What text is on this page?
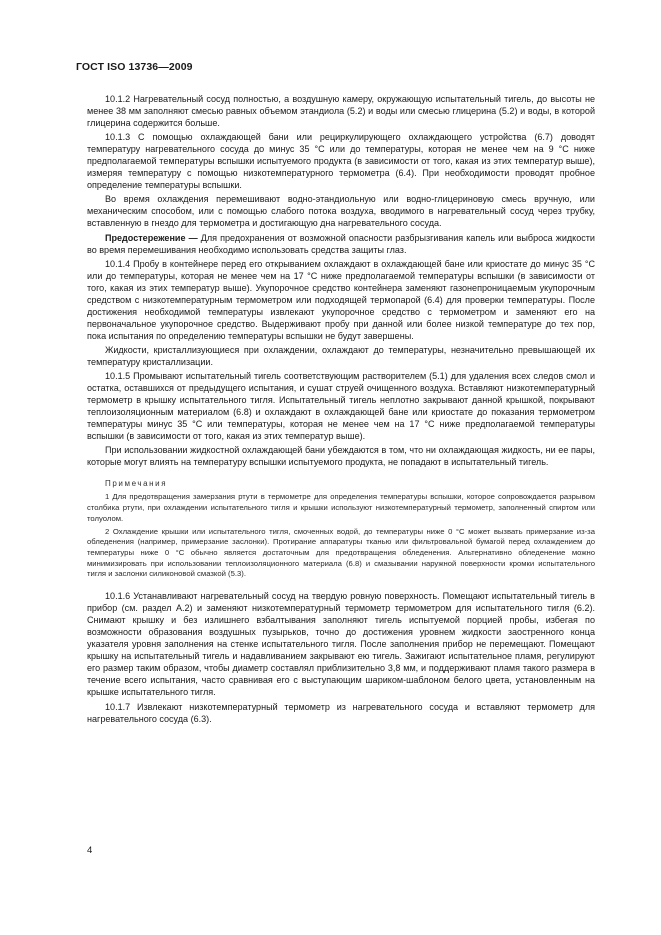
ГОСТ ISO 13736—2009

10.1.2 Нагревательный сосуд полностью, а воздушную камеру, окружающую испытательный тигель, до высоты не менее 38 мм заполняют смесью равных объемом этандиола (5.2) и воды или смесью глицерина (5.2) и воды, в которой глицерина содержится больше.

10.1.3 С помощью охлаждающей бани или рециркулирующего охлаждающего устройства (6.7) доводят температуру нагревательного сосуда до минус 35 °С или до температуры, которая не менее чем на 9 °С ниже предполагаемой температуры вспышки испытуемого продукта (в зависимости от того, какая из этих температур выше), измеряя температуру с помощью низкотемпературного термометра (6.4). При необходимости проводят пробное определение температуры вспышки.

Во время охлаждения перемешивают водно-этандиольную или водно-глицериновую смесь вручную, или механическим способом, или с помощью слабого потока воздуха, вводимого в нагревательный сосуд через трубку, вставленную в гнездо для термометра и достигающую дна нагревательного сосуда.

Предостережение — Для предохранения от возможной опасности разбрызгивания капель или выброса жидкости во время перемешивания необходимо использовать средства защиты глаз.

10.1.4 Пробу в контейнере перед его открыванием охлаждают в охлаждающей бане или криостате до минус 35 °С или до температуры, которая не менее чем на 17 °С ниже предполагаемой температуры вспышки (в зависимости от того, какая из этих температур выше). Укупорочное средство контейнера заменяют газонепроницаемым укупорочным средством с низкотемпературным термометром или подходящей термопарой (6.4) для проверки температуры. После достижения необходимой температуры извлекают укупорочное средство с термометром и заменяют его на первоначальное укупорочное средство. Выдерживают пробу при данной или более низкой температуре до тех пор, пока испытания по определению температуры вспышки не будут завершены.

Жидкости, кристаллизующиеся при охлаждении, охлаждают до температуры, незначительно превышающей их температуру кристаллизации.

10.1.5 Промывают испытательный тигель соответствующим растворителем (5.1) для удаления всех следов смол и остатка, оставшихся от предыдущего испытания, и сушат струей очищенного воздуха. Вставляют низкотемпературный термометр в крышку испытательного тигля. Испытательный тигель неплотно закрывают данной крышкой, покрывают теплоизоляционным материалом (6.8) и охлаждают в охлаждающей бане или криостате до показания термометром температуры минус 35 °С или температуры, которая не менее чем на 17 °С ниже предполагаемой температуры вспышки (в зависимости от того, какая из этих температур выше).

При использовании жидкостной охлаждающей бани убеждаются в том, что ни охлаждающая жидкость, ни ее пары, которые могут влиять на температуру вспышки испытуемого продукта, не попадают в испытательный тигель.

Примечания

1 Для предотвращения замерзания ртути в термометре для определения температуры вспышки, которое сопровождается разрывом столбика ртути, при охлаждении испытательного тигля и крышки используют низкотемпературный термометр, заполненный спиртом или толуолом.

2 Охлаждение крышки или испытательного тигля, смоченных водой, до температуры ниже 0 °С может вызвать примерзание из-за обледенения (например, примерзание заслонки). Протирание аппаратуры тканью или фильтровальной бумагой перед охлаждением до температуры ниже 0 °С обычно является достаточным для предотвращения обледенения. Альтернативно обледенение можно минимизировать при использовании теплоизоляционного материала (6.8) и смазывании наружной поверхности кромки испытательного тигля и заслонки силиконовой смазкой (5.3).

10.1.6 Устанавливают нагревательный сосуд на твердую ровную поверхность. Помещают испытательный тигель в прибор (см. раздел А.2) и заменяют низкотемпературный термометр термометром для испытательного тигля (6.2). Снимают крышку и без излишнего взбалтывания заполняют тигель испытуемой порцией пробы, избегая по возможности образования воздушных пузырьков, точно до достижения уровнем жидкости заостренного конца указателя уровня заполнения на стенке испытательного тигля. После заполнения прибор не перемещают. Помещают крышку на испытательный тигель и надавливанием закрывают ею тигель. Зажигают испытательное пламя, регулируют его размер таким образом, чтобы диаметр составлял приблизительно 3,8 мм, и поддерживают пламя такого размера в течение всего испытания, часто сравнивая его с выступающим шариком-шаблоном белого цвета, установленным на крышке испытательного тигля.

10.1.7 Извлекают низкотемпературный термометр из нагревательного сосуда и вставляют термометр для нагревательного сосуда (6.3).

4
